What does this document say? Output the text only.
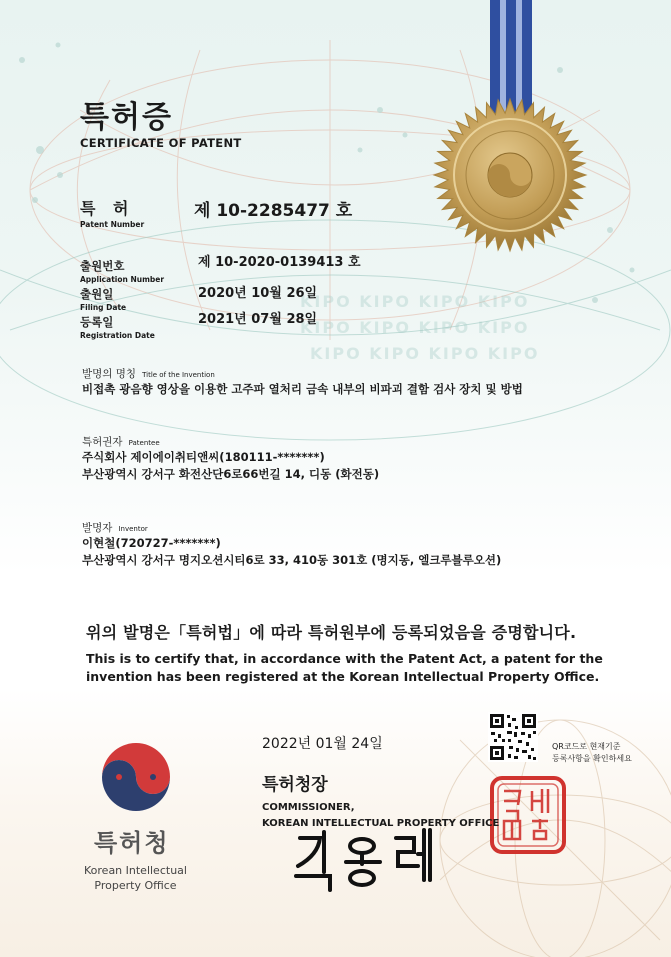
KIPO KIPO KIPO KIPO
KIPO KIPO KIPO KIPO
KIPO KIPO KIPO KIPO
특허증
CERTIFICATE OF PATENT
특 허
Patent Number
제 10-2285477 호
출원번호
Application Number
제 10-2020-0139413 호
출원일
Filing Date
2020년 10월 26일
등록일
Registration Date
2021년 07월 28일
발명의 명칭 Title of the Invention
비접촉 광음향 영상을 이용한 고주파 열처리 금속 내부의 비파괴 결함 검사 장치 및 방법
특허권자 Patentee
주식회사 제이에이취티앤씨(180111-*******)
부산광역시 강서구 화전산단6로66번길 14, 디동 (화전동)
발명자 Inventor
이현철(720727-*******)
부산광역시 강서구 명지오션시티6로 33, 410동 301호 (명지동, 엘크루블루오션)
위의 발명은「특허법」에 따라 특허원부에 등록되었음을 증명합니다.
This is to certify that, in accordance with the Patent Act, a patent for the
invention has been registered at the Korean Intellectual Property Office.
2022년 01월 24일	QR코드로 현재기준
등록사항을 확인하세요
특허청장
COMMISSIONER,
KOREAN INTELLECTUAL PROPERTY OFFICE
특허청
Korean Intellectual
Property Office
